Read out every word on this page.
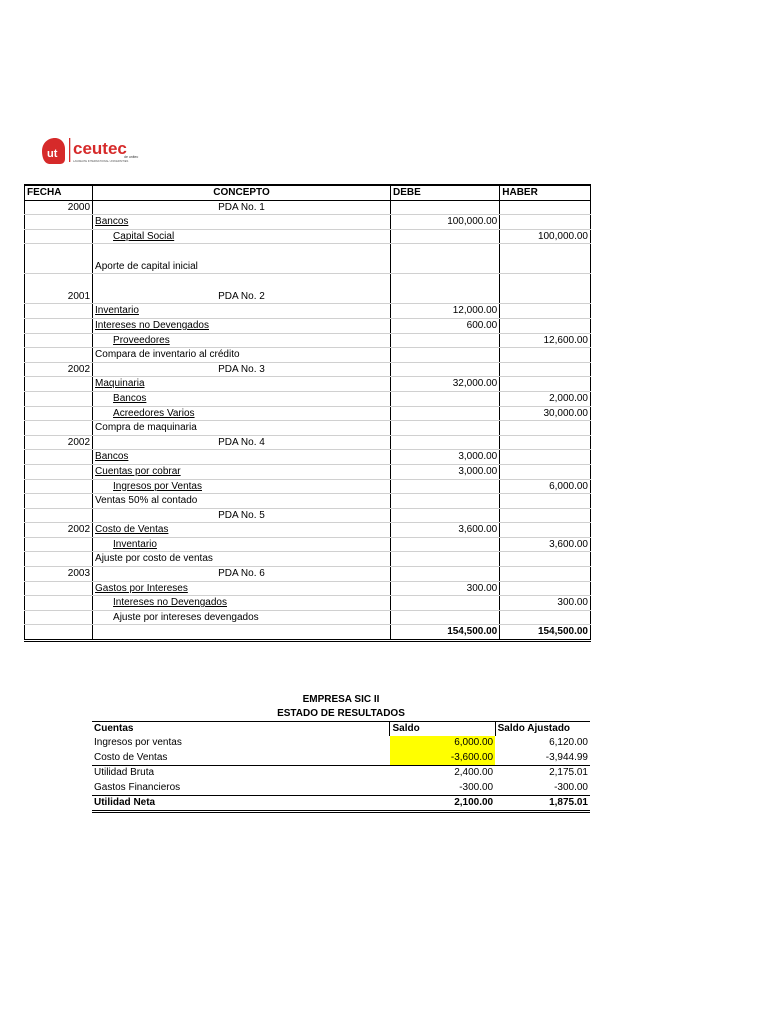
ut ceutec
de unitec
LAUREATE INTERNATIONAL UNIVERSITIES
FECHA	CONCEPTO	DEBE	HABER
2000	PDA No. 1		
	Bancos	100,000.00	
	Capital Social		100,000.00
	Aporte de capital inicial		
2001	PDA No. 2		
	Inventario	12,000.00	
	Intereses no Devengados	600.00	
	Proveedores		12,600.00
	Compara de inventario al crédito		
2002	PDA No. 3		
	Maquinaria	32,000.00	
	Bancos		2,000.00
	Acreedores Varios		30,000.00
	Compra de maquinaria		
2002	PDA No. 4		
	Bancos	3,000.00	
	Cuentas por cobrar	3,000.00	
	Ingresos por Ventas		6,000.00
	Ventas 50% al contado		
	PDA No. 5		
2002	Costo de Ventas	3,600.00	
	Inventario		3,600.00
	Ajuste por costo de ventas		
2003	PDA No. 6		
	Gastos por Intereses	300.00	
	Intereses no Devengados		300.00
	Ajuste por intereses devengados		
		154,500.00	154,500.00
EMPRESA SIC II
ESTADO DE RESULTADOS
Cuentas	Saldo	Saldo Ajustado
Ingresos por ventas	6,000.00	6,120.00
Costo de Ventas	-3,600.00	-3,944.99
Utilidad Bruta	2,400.00	2,175.01
Gastos Financieros	-300.00	-300.00
Utilidad Neta	2,100.00	1,875.01
